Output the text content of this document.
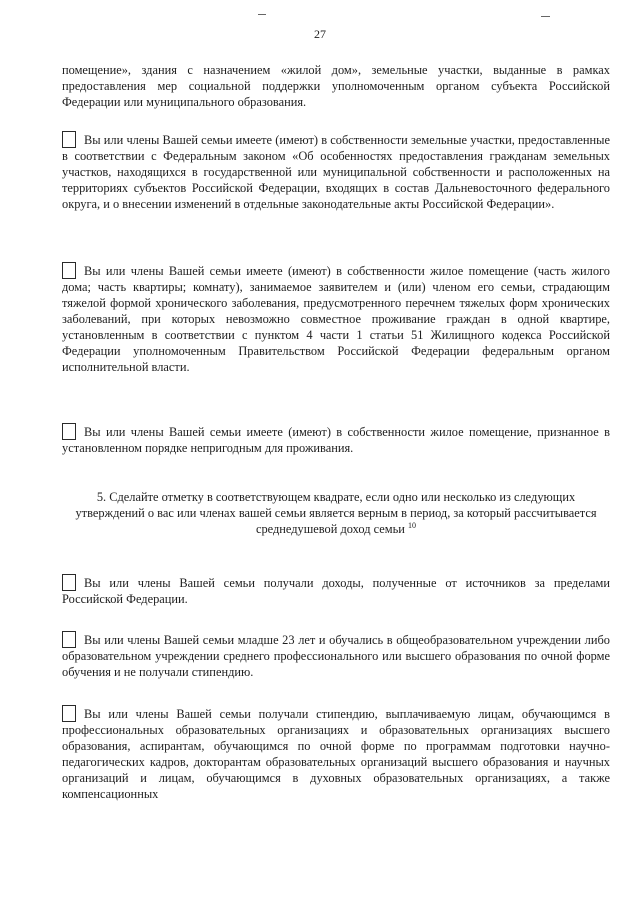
27
помещение», здания с назначением «жилой дом», земельные участки, выданные в рамках предоставления мер социальной поддержки уполномоченным органом субъекта Российской Федерации или муниципального образования.
Вы или члены Вашей семьи имеете (имеют) в собственности земельные участки, предоставленные в соответствии с Федеральным законом «Об особенностях предоставления гражданам земельных участков, находящихся в государственной или муниципальной собственности и расположенных на территориях субъектов Российской Федерации, входящих в состав Дальневосточного федерального округа, и о внесении изменений в отдельные законодательные акты Российской Федерации».
Вы или члены Вашей семьи имеете (имеют) в собственности жилое помещение (часть жилого дома; часть квартиры; комнату), занимаемое заявителем и (или) членом его семьи, страдающим тяжелой формой хронического заболевания, предусмотренного перечнем тяжелых форм хронических заболеваний, при которых невозможно совместное проживание граждан в одной квартире, установленным в соответствии с пунктом 4 части 1 статьи 51 Жилищного кодекса Российской Федерации уполномоченным Правительством Российской Федерации федеральным органом исполнительной власти.
Вы или члены Вашей семьи имеете (имеют) в собственности жилое помещение, признанное в установленном порядке непригодным для проживания.
5. Сделайте отметку в соответствующем квадрате, если одно или несколько из следующих утверждений о вас или членах вашей семьи является верным в период, за который рассчитывается среднедушевой доход семьи $^{10}$
Вы или члены Вашей семьи получали доходы, полученные от источников за пределами Российской Федерации.
Вы или члены Вашей семьи младше 23 лет и обучались в общеобразовательном учреждении либо образовательном учреждении среднего профессионального или высшего образования по очной форме обучения и не получали стипендию.
Вы или члены Вашей семьи получали стипендию, выплачиваемую лицам, обучающимся в профессиональных образовательных организациях и образовательных организациях высшего образования, аспирантам, обучающимся по очной форме по программам подготовки научно-педагогических кадров, докторантам образовательных организаций высшего образования и научных организаций и лицам, обучающимся в духовных образовательных организациях, а также компенсационных
